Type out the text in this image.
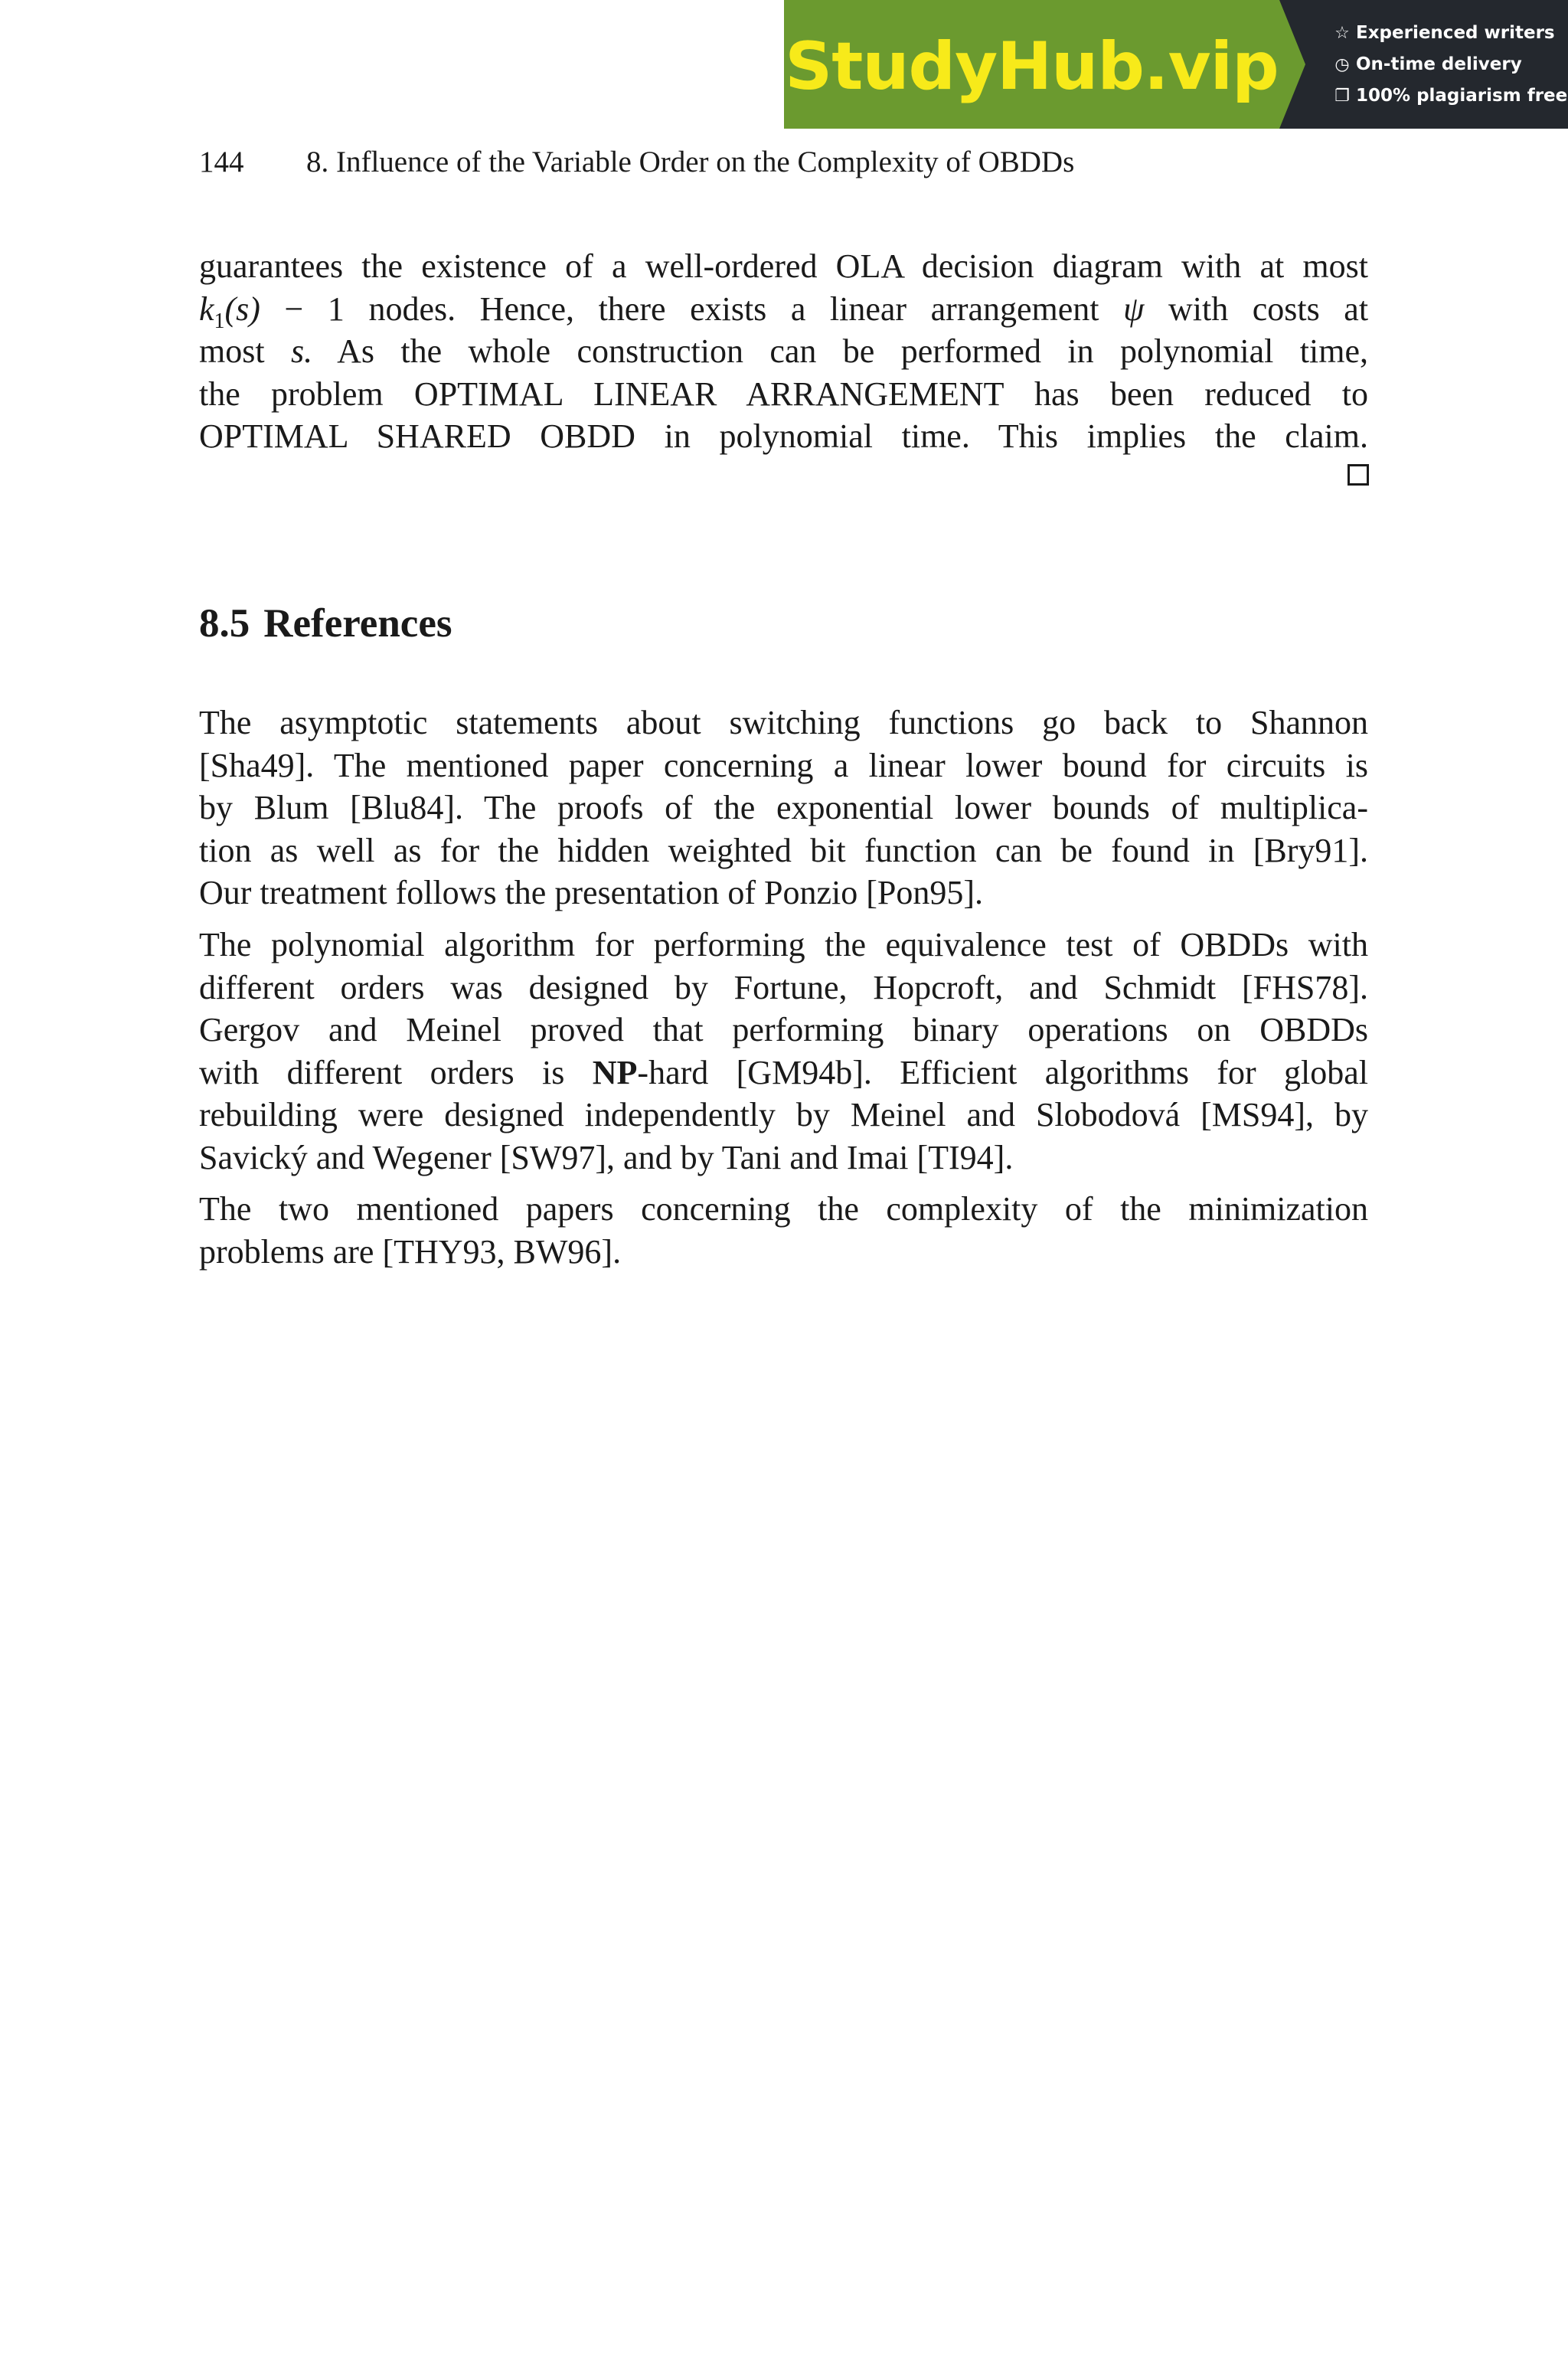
StudyHub.vip	☆ Experienced writers
◷ On-time delivery
❐ 100% plagiarism free
144 8. Influence of the Variable Order on the Complexity of OBDDs
guarantees the existence of a well-ordered OLA decision diagram with at most
$k_1(s) - 1$ nodes. Hence, there exists a linear arrangement ψ with costs at
most s. As the whole construction can be performed in polynomial time,
the problem OPTIMAL LINEAR ARRANGEMENT has been reduced to
OPTIMAL SHARED OBDD in polynomial time. This implies the claim.
8.5 References
The asymptotic statements about switching functions go back to Shannon
[Sha49]. The mentioned paper concerning a linear lower bound for circuits is
by Blum [Blu84]. The proofs of the exponential lower bounds of multiplica-
tion as well as for the hidden weighted bit function can be found in [Bry91].
Our treatment follows the presentation of Ponzio [Pon95].
The polynomial algorithm for performing the equivalence test of OBDDs with
different orders was designed by Fortune, Hopcroft, and Schmidt [FHS78].
Gergov and Meinel proved that performing binary operations on OBDDs
with different orders is NP-hard [GM94b]. Efficient algorithms for global
rebuilding were designed independently by Meinel and Slobodová [MS94], by
Savický and Wegener [SW97], and by Tani and Imai [TI94].
The two mentioned papers concerning the complexity of the minimization
problems are [THY93, BW96].
